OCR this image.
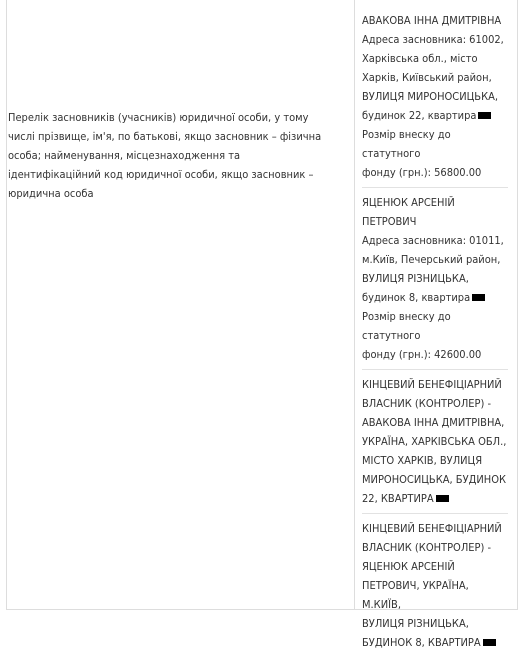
Перелік засновників (учасників) юридичної особи, у тому числі прізвище, ім'я, по батькові, якщо засновник – фізична особа; найменування, місцезнаходження та ідентифікаційний код юридичної особи, якщо засновник – юридична особа

АВАКОВА ІННА ДМИТРІВНА

Адреса засновника: 61002,
Харківська обл., місто
Харків, Київський район,
ВУЛИЦЯ МИРОНОСИЦЬКА,
будинок 22, квартира

Розмір внеску до статутного
фонду (грн.): 56800.00

ЯЦЕНЮК АРСЕНІЙ
ПЕТРОВИЧ

Адреса засновника: 01011,
м.Київ, Печерський район,
ВУЛИЦЯ РІЗНИЦЬКА,
будинок 8, квартира

Розмір внеску до статутного
фонду (грн.): 42600.00

КІНЦЕВИЙ БЕНЕФІЦІАРНИЙ
ВЛАСНИК (КОНТРОЛЕР) -
АВАКОВА ІННА ДМИТРІВНА,
УКРАЇНА, ХАРКІВСЬКА ОБЛ.,
МІСТО ХАРКІВ, ВУЛИЦЯ
МИРОНОСИЦЬКА, БУДИНОК
22, КВАРТИРА

КІНЦЕВИЙ БЕНЕФІЦІАРНИЙ
ВЛАСНИК (КОНТРОЛЕР) -
ЯЦЕНЮК АРСЕНІЙ
ПЕТРОВИЧ, УКРАЇНА, М.КИЇВ,
ВУЛИЦЯ РІЗНИЦЬКА,
БУДИНОК 8, КВАРТИРА
